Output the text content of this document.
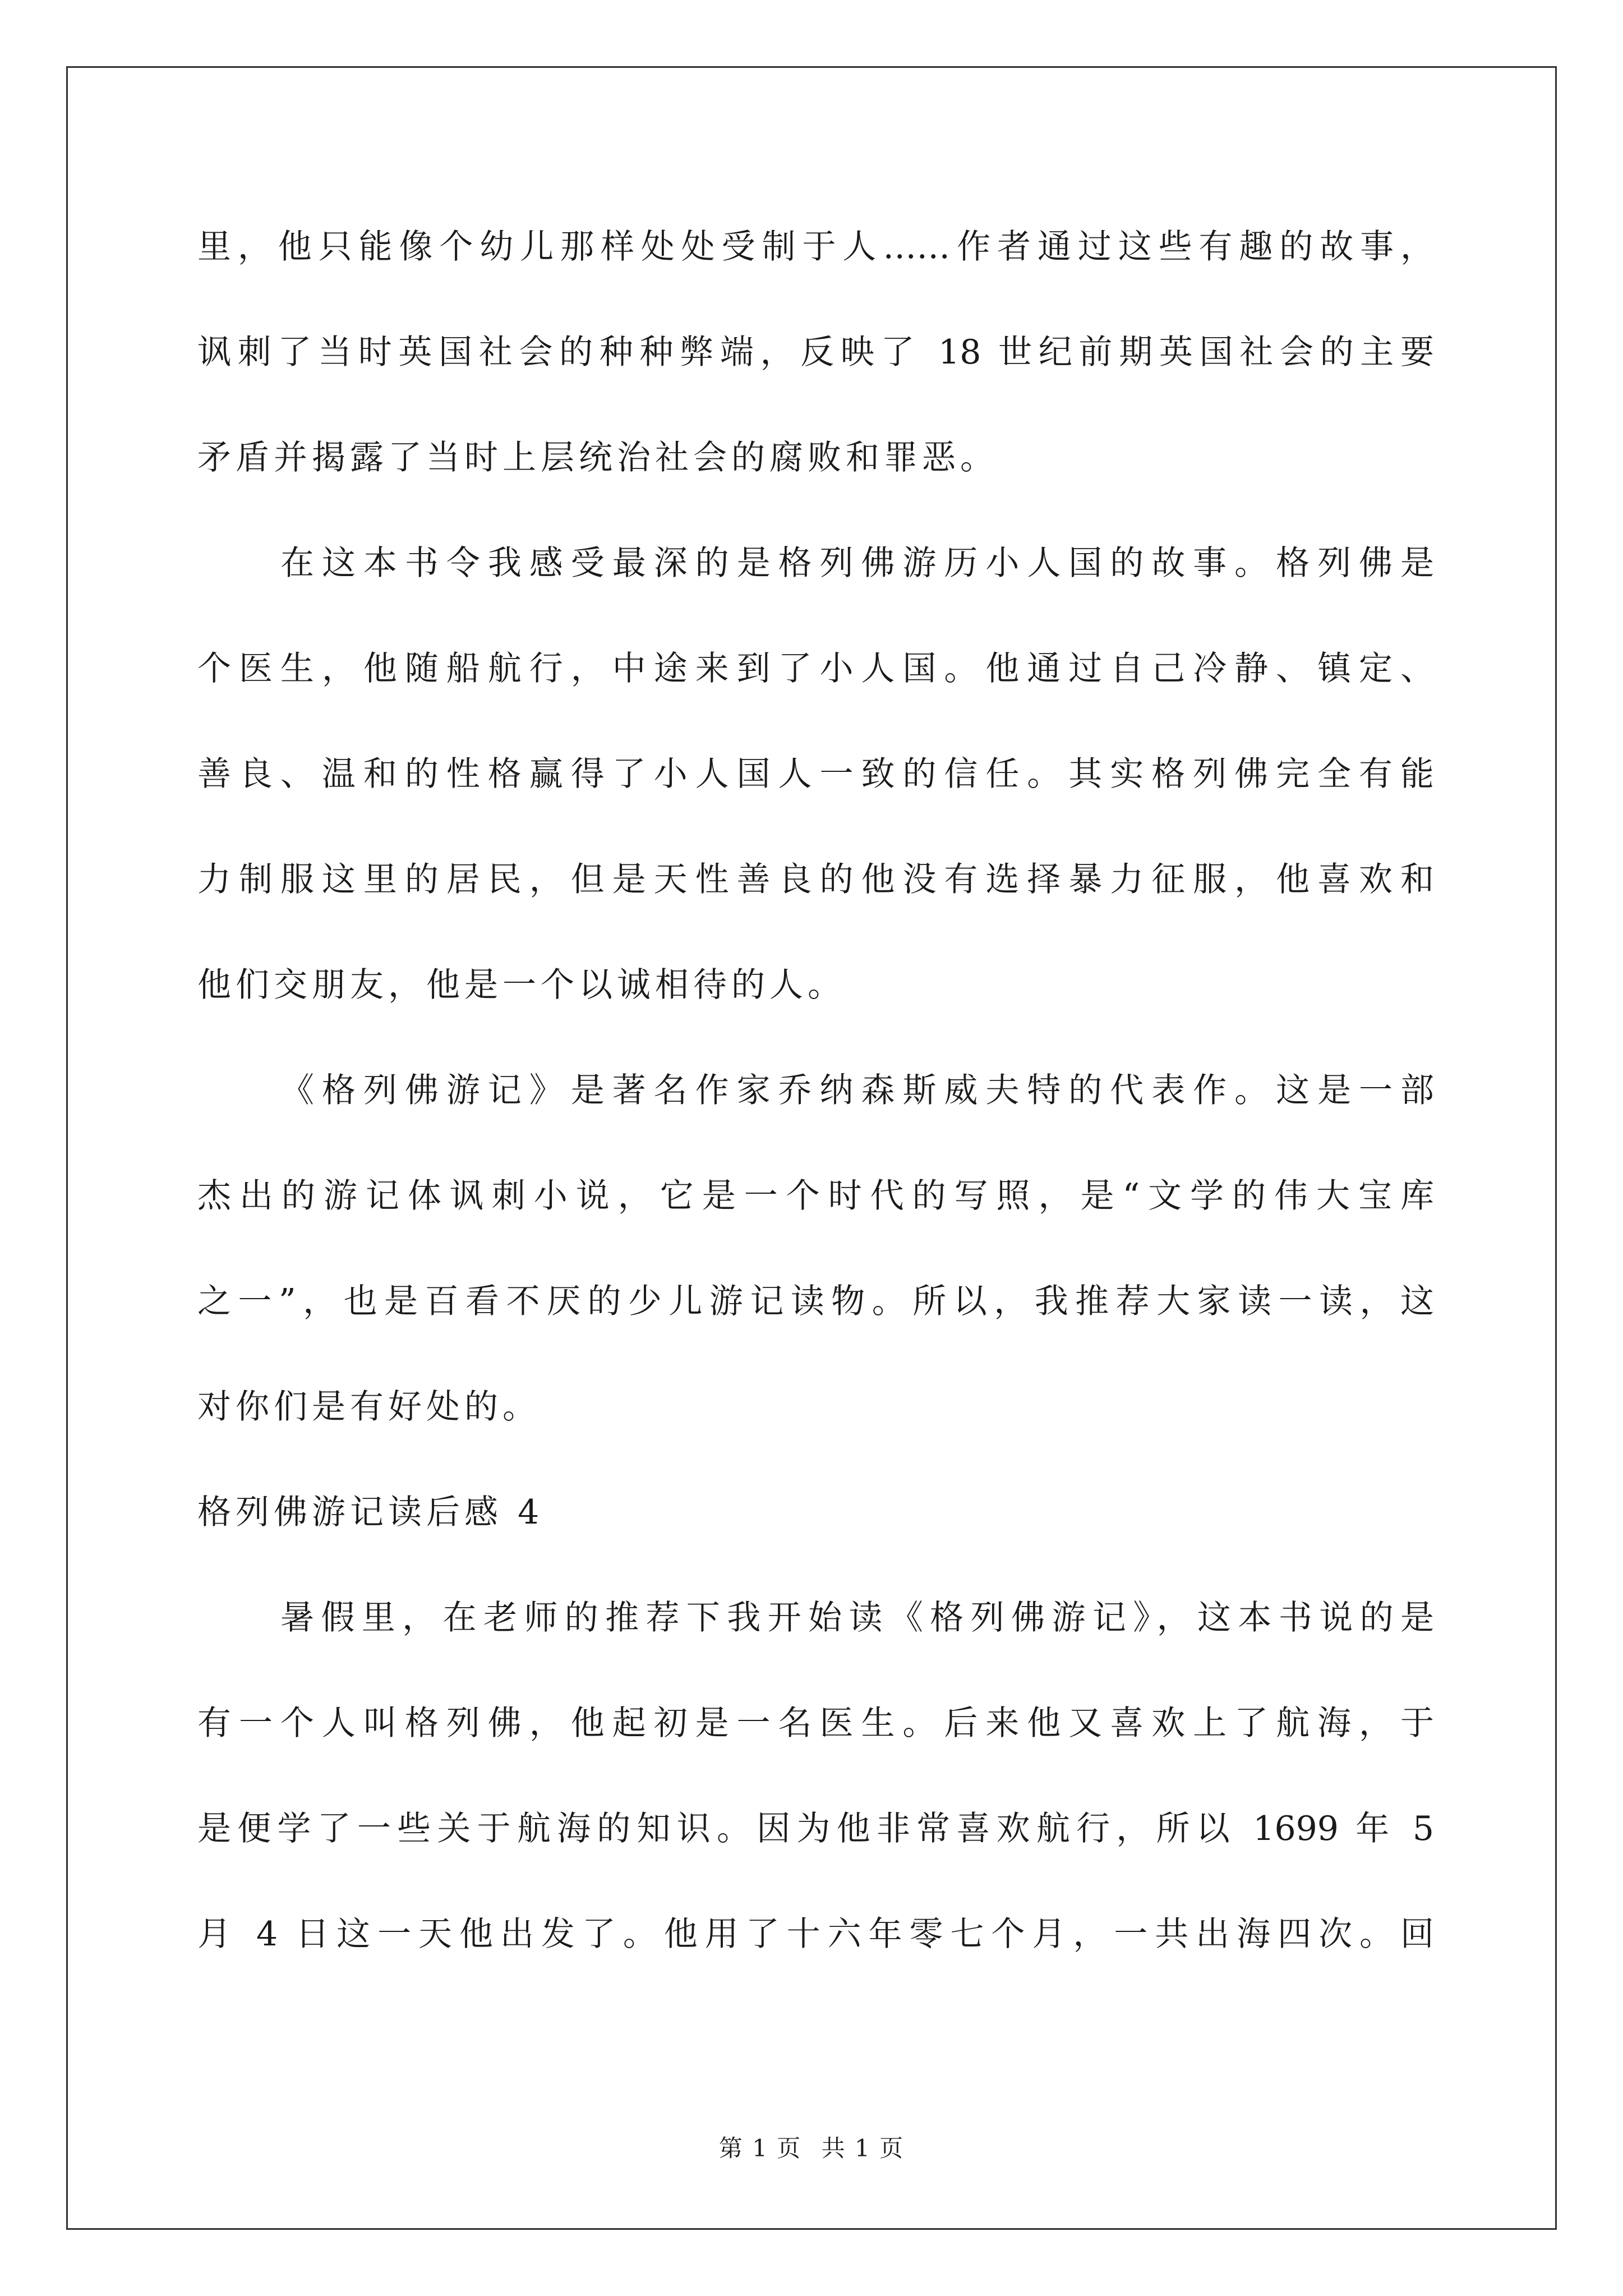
里，他只能像个幼儿那样处处受制于人……作者通过这些有趣的故事，
讽刺了当时英国社会的种种弊端，反映了 18 世纪前期英国社会的主要
矛盾并揭露了当时上层统治社会的腐败和罪恶。
在这本书令我感受最深的是格列佛游历小人国的故事。格列佛是
个医生，他随船航行，中途来到了小人国。他通过自己冷静、镇定、
善良、温和的性格赢得了小人国人一致的信任。其实格列佛完全有能
力制服这里的居民，但是天性善良的他没有选择暴力征服，他喜欢和
他们交朋友，他是一个以诚相待的人。
《格列佛游记》是著名作家乔纳森斯威夫特的代表作。这是一部
杰出的游记体讽刺小说，它是一个时代的写照，是“文学的伟大宝库
之一”，也是百看不厌的少儿游记读物。所以，我推荐大家读一读，这
对你们是有好处的。
格列佛游记读后感 4
暑假里，在老师的推荐下我开始读《格列佛游记》，这本书说的是
有一个人叫格列佛，他起初是一名医生。后来他又喜欢上了航海，于
是便学了一些关于航海的知识。因为他非常喜欢航行，所以 1699 年 5
月 4 日这一天他出发了。他用了十六年零七个月，一共出海四次。回
第 1 页 共 1 页
